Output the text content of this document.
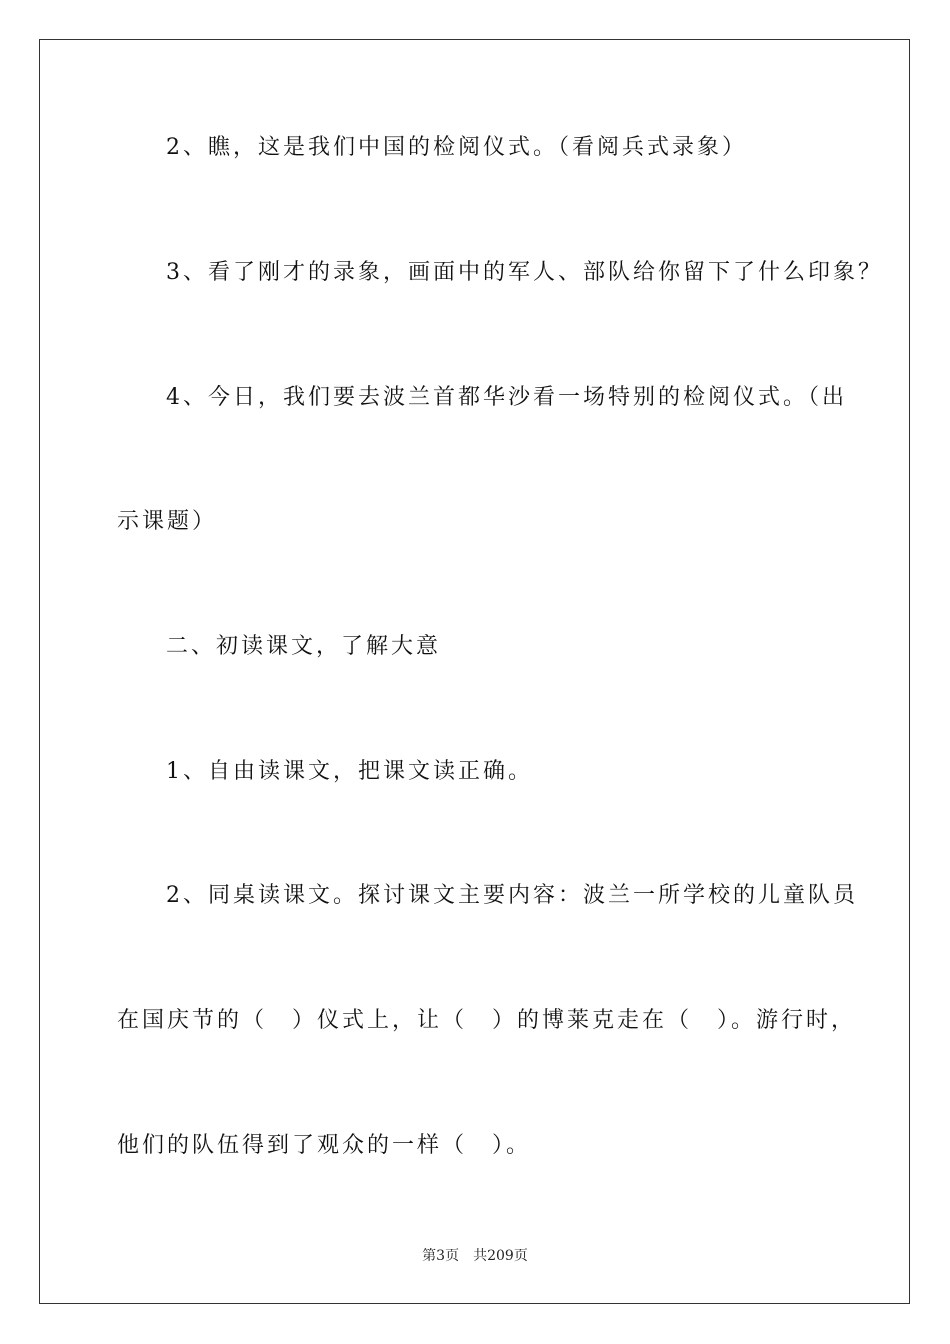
2、瞧，这是我们中国的检阅仪式。（看阅兵式录象）
3、看了刚才的录象，画面中的军人、部队给你留下了什么印象？
4、今日，我们要去波兰首都华沙看一场特别的检阅仪式。（出
示课题）
二、初读课文，了解大意
1、自由读课文，把课文读正确。
2、同桌读课文。探讨课文主要内容：波兰一所学校的儿童队员
在国庆节的（　）仪式上，让（　）的博莱克走在（　）。游行时，
他们的队伍得到了观众的一样（　）。
第3页 共209页
